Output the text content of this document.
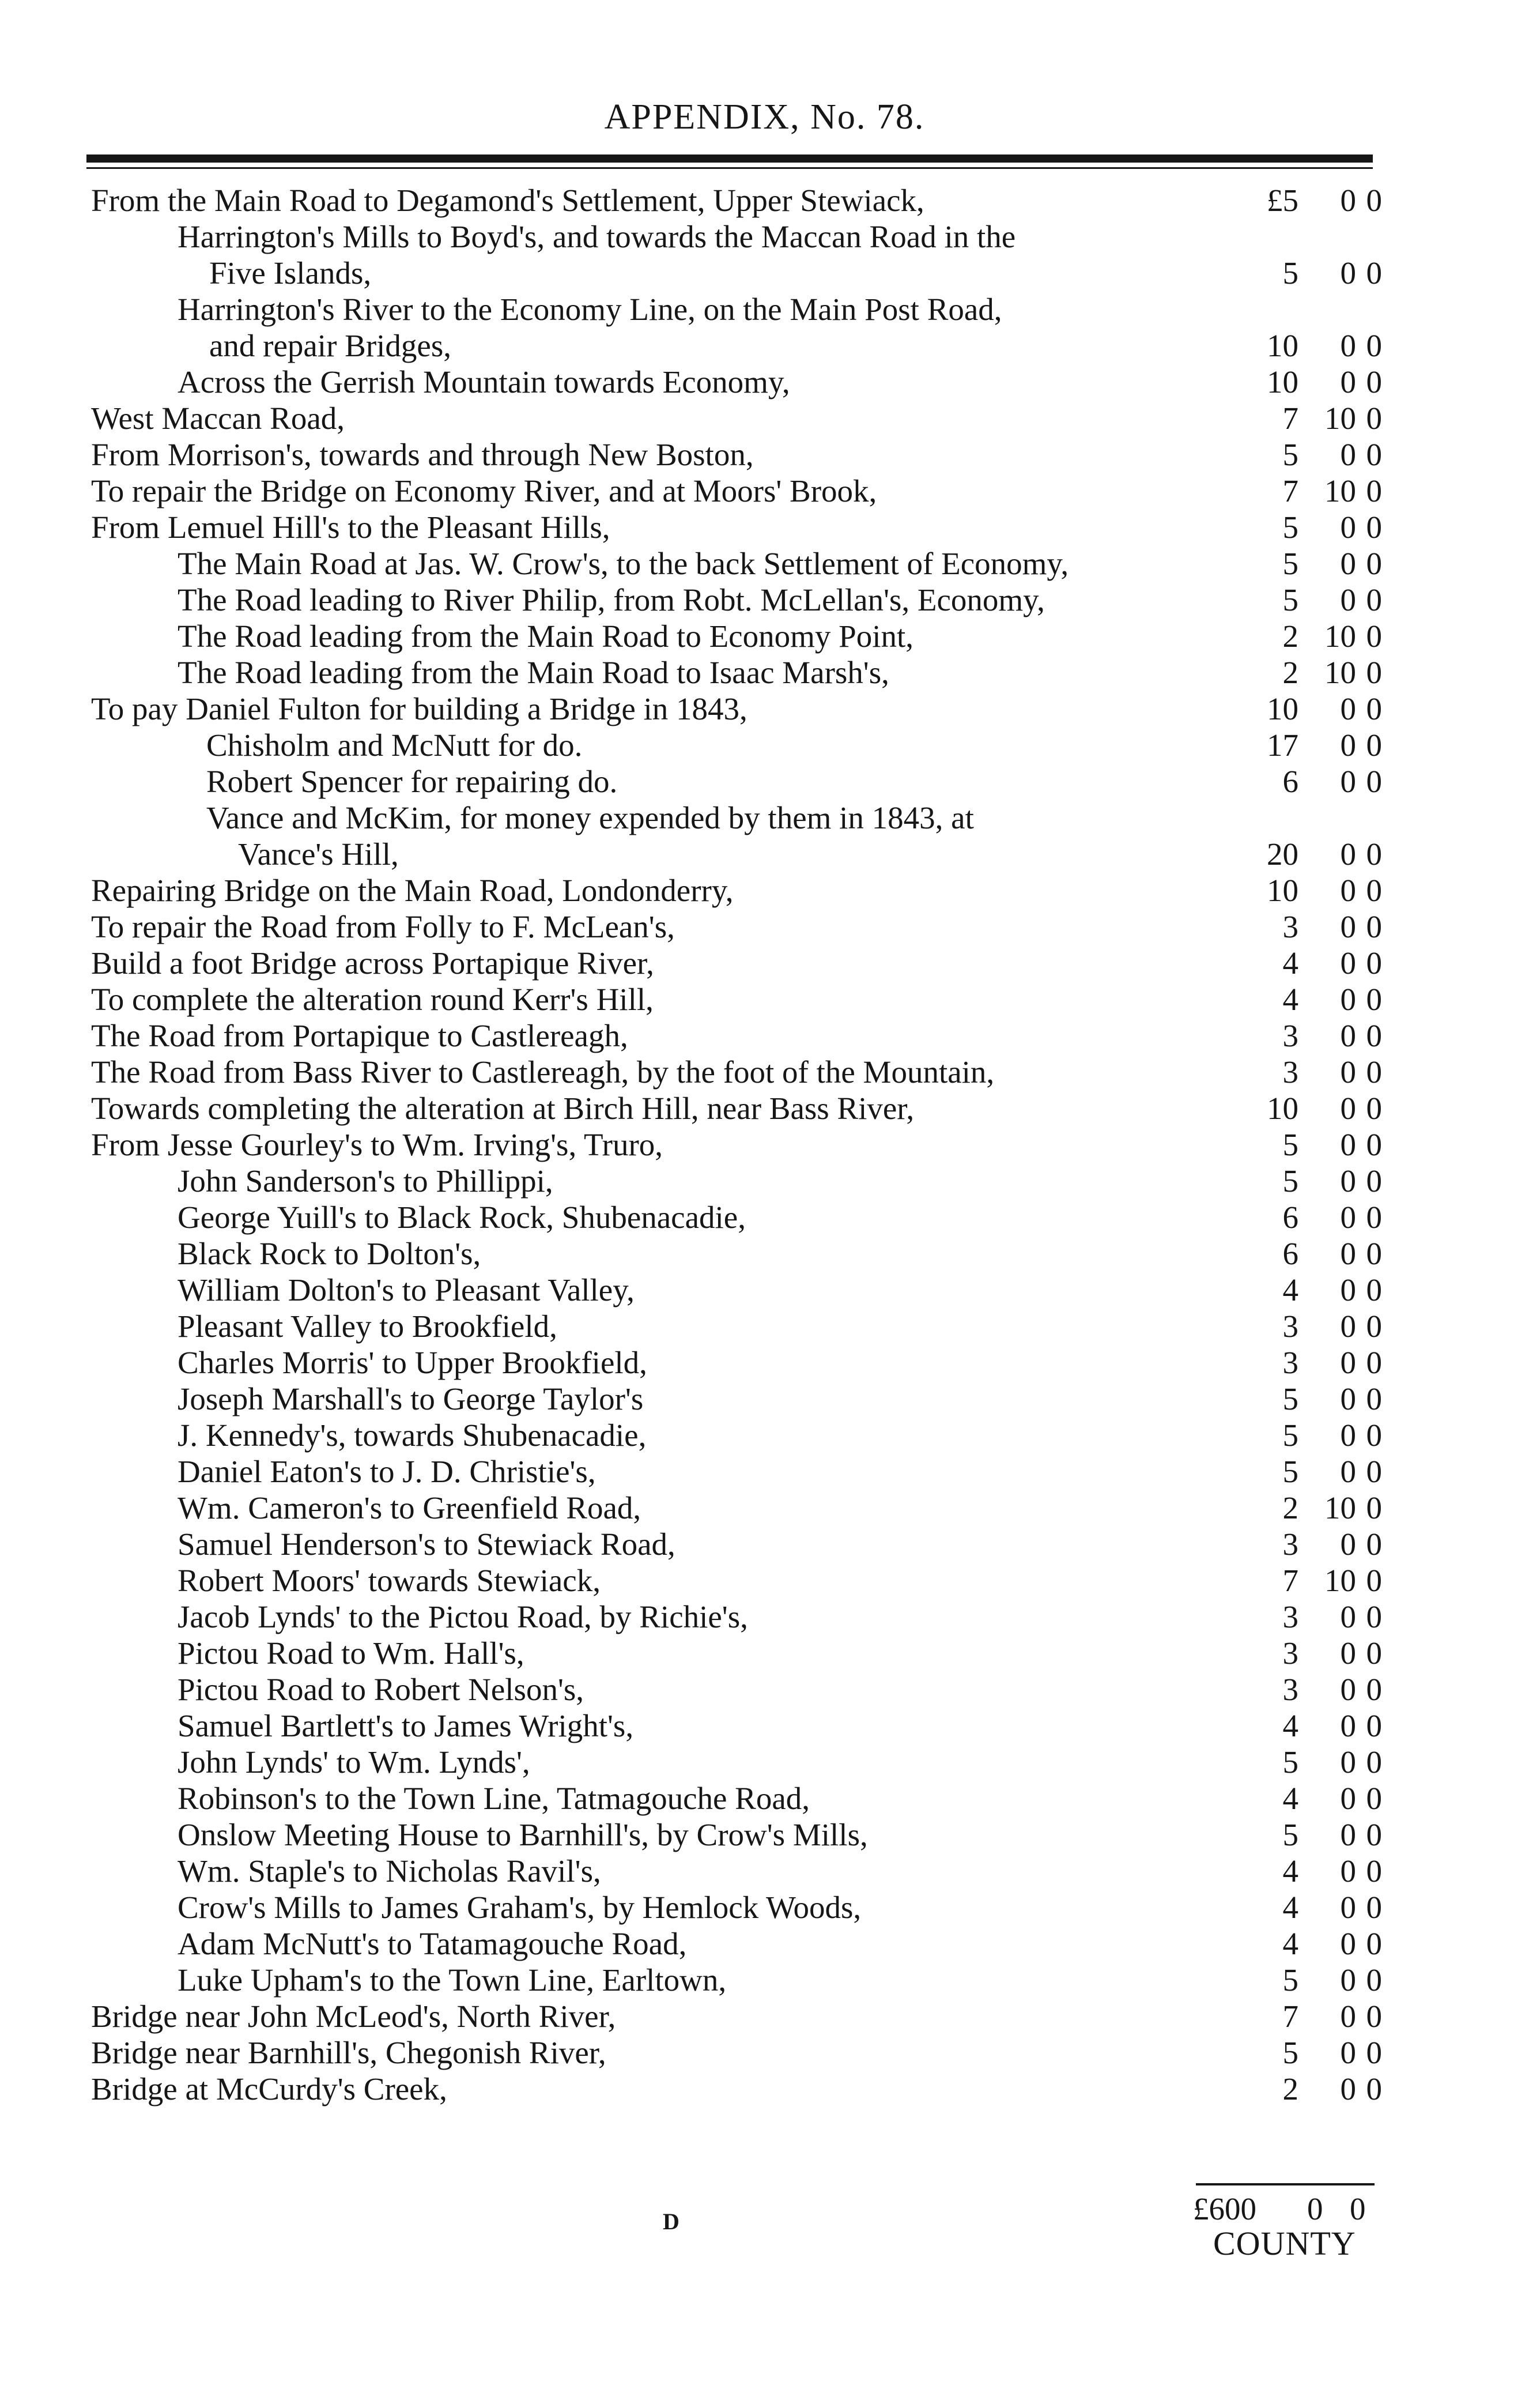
APPENDIX, No. 78.
From the Main Road to Degamond's Settlement, Upper Stewiack,	£5 0 0
Harrington's Mills to Boyd's, and towards the Maccan Road in the
Five Islands,	5 0 0
Harrington's River to the Economy Line, on the Main Post Road,
and repair Bridges,	10 0 0
Across the Gerrish Mountain towards Economy,	10 0 0
West Maccan Road,	7 10 0
From Morrison's, towards and through New Boston,	5 0 0
To repair the Bridge on Economy River, and at Moors' Brook,	7 10 0
From Lemuel Hill's to the Pleasant Hills,	5 0 0
The Main Road at Jas. W. Crow's, to the back Settlement of Economy,	5 0 0
The Road leading to River Philip, from Robt. McLellan's, Economy,	5 0 0
The Road leading from the Main Road to Economy Point,	2 10 0
The Road leading from the Main Road to Isaac Marsh's,	2 10 0
To pay Daniel Fulton for building a Bridge in 1843,	10 0 0
Chisholm and McNutt for do.	17 0 0
Robert Spencer for repairing do.	6 0 0
Vance and McKim, for money expended by them in 1843, at
Vance's Hill,	20 0 0
Repairing Bridge on the Main Road, Londonderry,	10 0 0
To repair the Road from Folly to F. McLean's,	3 0 0
Build a foot Bridge across Portapique River,	4 0 0
To complete the alteration round Kerr's Hill,	4 0 0
The Road from Portapique to Castlereagh,	3 0 0
The Road from Bass River to Castlereagh, by the foot of the Mountain,	3 0 0
Towards completing the alteration at Birch Hill, near Bass River,	10 0 0
From Jesse Gourley's to Wm. Irving's, Truro,	5 0 0
John Sanderson's to Phillippi,	5 0 0
George Yuill's to Black Rock, Shubenacadie,	6 0 0
Black Rock to Dolton's,	6 0 0
William Dolton's to Pleasant Valley,	4 0 0
Pleasant Valley to Brookfield,	3 0 0
Charles Morris' to Upper Brookfield,	3 0 0
Joseph Marshall's to George Taylor's	5 0 0
J. Kennedy's, towards Shubenacadie,	5 0 0
Daniel Eaton's to J. D. Christie's,	5 0 0
Wm. Cameron's to Greenfield Road,	2 10 0
Samuel Henderson's to Stewiack Road,	3 0 0
Robert Moors' towards Stewiack,	7 10 0
Jacob Lynds' to the Pictou Road, by Richie's,	3 0 0
Pictou Road to Wm. Hall's,	3 0 0
Pictou Road to Robert Nelson's,	3 0 0
Samuel Bartlett's to James Wright's,	4 0 0
John Lynds' to Wm. Lynds',	5 0 0
Robinson's to the Town Line, Tatmagouche Road,	4 0 0
Onslow Meeting House to Barnhill's, by Crow's Mills,	5 0 0
Wm. Staple's to Nicholas Ravil's,	4 0 0
Crow's Mills to James Graham's, by Hemlock Woods,	4 0 0
Adam McNutt's to Tatamagouche Road,	4 0 0
Luke Upham's to the Town Line, Earltown,	5 0 0
Bridge near John McLeod's, North River,	7 0 0
Bridge near Barnhill's, Chegonish River,	5 0 0
Bridge at McCurdy's Creek,	2 0 0
£600 0 0
D
COUNTY
